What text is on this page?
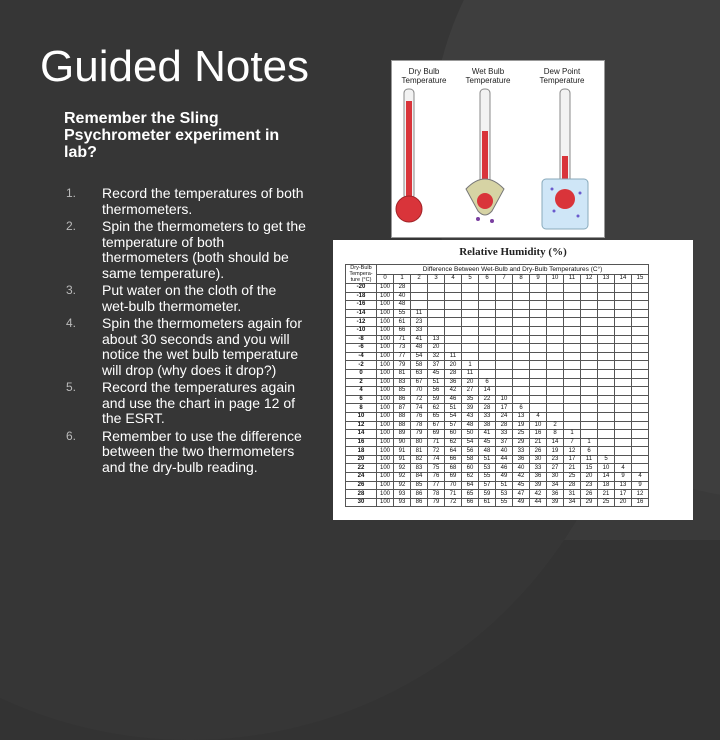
Guided Notes
Remember the Sling Psychrometer experiment in lab?
1. Record the temperatures of both thermometers.
2. Spin the thermometers to get the temperature of both thermometers (both should be same temperature).
3. Put water on the cloth of the wet-bulb thermometer.
4. Spin the thermometers again for about 30 seconds and you will notice the wet bulb temperature will drop (why does it drop?)
5. Record the temperatures again and use the chart in page 12 of the ESRT.
6. Remember to use the difference between the two thermometers and the dry-bulb reading.
Dry Bulb Temperature
Wet Bulb Temperature
Dew Point Temperature
Relative Humidity (%)
Dry-Bulb Tempera-ture (°C)	Difference Between Wet-Bulb and Dry-Bulb Temperatures (C°)															
	0	1	2	3	4	5	6	7	8	9	10	11	12	13	14	15
-20	100	28														
-18	100	40														
-16	100	48														
-14	100	55	11													
-12	100	61	23													
-10	100	66	33													
-8	100	71	41	13												
-6	100	73	48	20												
-4	100	77	54	32	11											
-2	100	79	58	37	20	1										
0	100	81	63	45	28	11										
2	100	83	67	51	36	20	6									
4	100	85	70	56	42	27	14									
6	100	86	72	59	46	35	22	10								
8	100	87	74	62	51	39	28	17	6							
10	100	88	76	65	54	43	33	24	13	4						
12	100	88	78	67	57	48	38	28	19	10	2					
14	100	89	79	69	60	50	41	33	25	16	8	1				
16	100	90	80	71	62	54	45	37	29	21	14	7	1			
18	100	91	81	72	64	56	48	40	33	26	19	12	6			
20	100	91	82	74	66	58	51	44	36	30	23	17	11	5		
22	100	92	83	75	68	60	53	46	40	33	27	21	15	10	4	
24	100	92	84	76	69	62	55	49	42	36	30	25	20	14	9	4
26	100	92	85	77	70	64	57	51	45	39	34	28	23	18	13	9
28	100	93	86	78	71	65	59	53	47	42	36	31	26	21	17	12
30	100	93	86	79	72	66	61	55	49	44	39	34	29	25	20	16
